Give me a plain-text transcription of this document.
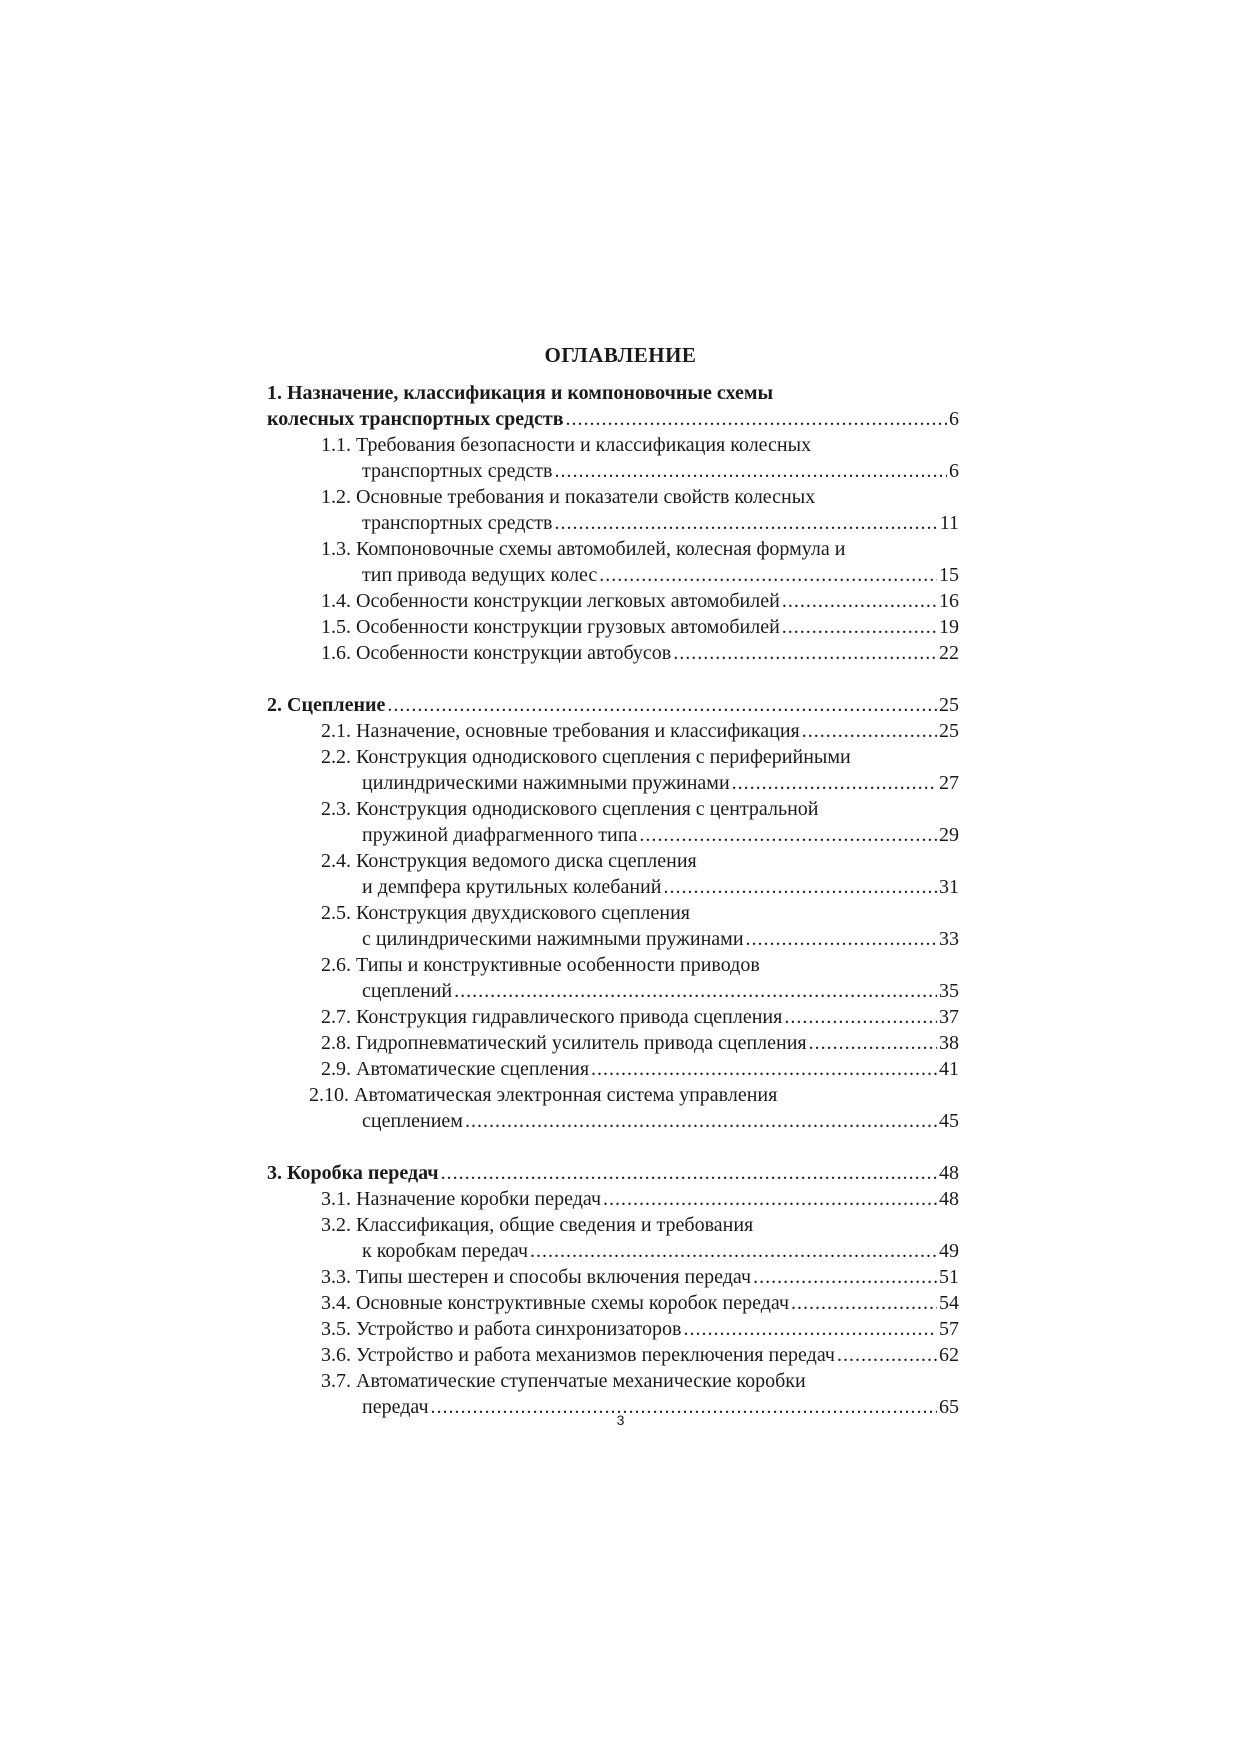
ОГЛАВЛЕНИЕ
1. Назначение, классификация и компоновочные схемы
колесных транспортных средств .....	6
1.1. Требования безопасности и классификация колесных
транспортных средств .....	6
1.2. Основные требования и показатели свойств колесных
транспортных средств .....	11
1.3. Компоновочные схемы автомобилей, колесная формула и
тип привода ведущих колес .....	15
1.4. Особенности конструкции легковых автомобилей .....	16
1.5. Особенности конструкции грузовых автомобилей .....	19
1.6. Особенности конструкции автобусов .....	22
2. Сцепление .....	25
2.1. Назначение, основные требования и классификация .....	25
2.2. Конструкция однодискового сцепления с периферийными
цилиндрическими нажимными пружинами .....	27
2.3. Конструкция однодискового сцепления с центральной
пружиной диафрагменного типа .....	29
2.4. Конструкция ведомого диска сцепления
и демпфера крутильных колебаний .....	31
2.5. Конструкция двухдискового сцепления
с цилиндрическими нажимными пружинами .....	33
2.6. Типы и конструктивные особенности приводов
сцеплений .....	35
2.7. Конструкция гидравлического привода сцепления .....	37
2.8. Гидропневматический усилитель привода сцепления .....	38
2.9. Автоматические сцепления .....	41
2.10. Автоматическая электронная система управления
сцеплением .....	45
3. Коробка передач .....	48
3.1. Назначение коробки передач .....	48
3.2. Классификация, общие сведения и требования
к коробкам передач .....	49
3.3. Типы шестерен и способы включения передач .....	51
3.4. Основные конструктивные схемы коробок передач .....	54
3.5. Устройство и работа синхронизаторов .....	57
3.6. Устройство и работа механизмов переключения передач .....	62
3.7. Автоматические ступенчатые механические коробки
передач .....	65
3
